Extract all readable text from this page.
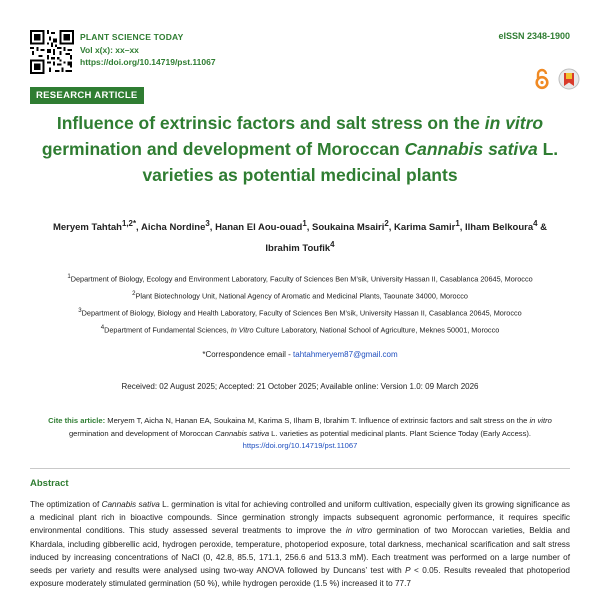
PLANT SCIENCE TODAY
Vol x(x): xx–xx
https://doi.org/10.14719/pst.11067
eISSN 2348-1900
RESEARCH ARTICLE
Influence of extrinsic factors and salt stress on the in vitro germination and development of Moroccan Cannabis sativa L. varieties as potential medicinal plants
Meryem Tahtah$^{1,2*}$, Aicha Nordine$^3$, Hanan El Aou-ouad$^1$, Soukaina Msairi$^2$, Karima Samir$^1$, Ilham Belkoura$^4$ &
Ibrahim Toufik$^4$
$^1$Department of Biology, Ecology and Environment Laboratory, Faculty of Sciences Ben M’sik, University Hassan II, Casablanca 20645, Morocco
$^2$Plant Biotechnology Unit, National Agency of Aromatic and Medicinal Plants, Taounate 34000, Morocco
$^3$Department of Biology, Biology and Health Laboratory, Faculty of Sciences Ben M’sik, University Hassan II, Casablanca 20645, Morocco
$^4$Department of Fundamental Sciences, In Vitro Culture Laboratory, National School of Agriculture, Meknes 50001, Morocco
*Correspondence email - tahtahmeryem87@gmail.com
Received: 02 August 2025; Accepted: 21 October 2025; Available online: Version 1.0: 09 March 2026
Cite this article: Meryem T, Aicha N, Hanan EA, Soukaina M, Karima S, Ilham B, Ibrahim T. Influence of extrinsic factors and salt stress on the in vitro germination and development of Moroccan Cannabis sativa L. varieties as potential medicinal plants. Plant Science Today (Early Access).
https://doi.org/10.14719/pst.11067
Abstract
The optimization of Cannabis sativa L. germination is vital for achieving controlled and uniform cultivation, especially given its growing significance as a medicinal plant rich in bioactive compounds. Since germination strongly impacts subsequent agronomic performance, it requires specific environmental conditions. This study assessed several treatments to improve the in vitro germination of two Moroccan varieties, Beldia and Khardala, including gibberellic acid, hydrogen peroxide, temperature, photoperiod exposure, total darkness, mechanical scarification and salt stress induced by increasing concentrations of NaCl (0, 42.8, 85.5, 171.1, 256.6 and 513.3 mM). Each treatment was performed on a large number of seeds per variety and results were analysed using two-way ANOVA followed by Duncans’ test with P < 0.05. Results revealed that photoperiod exposure moderately stimulated germination (50 %), while hydrogen peroxide (1.5 %) increased it to 77.7
